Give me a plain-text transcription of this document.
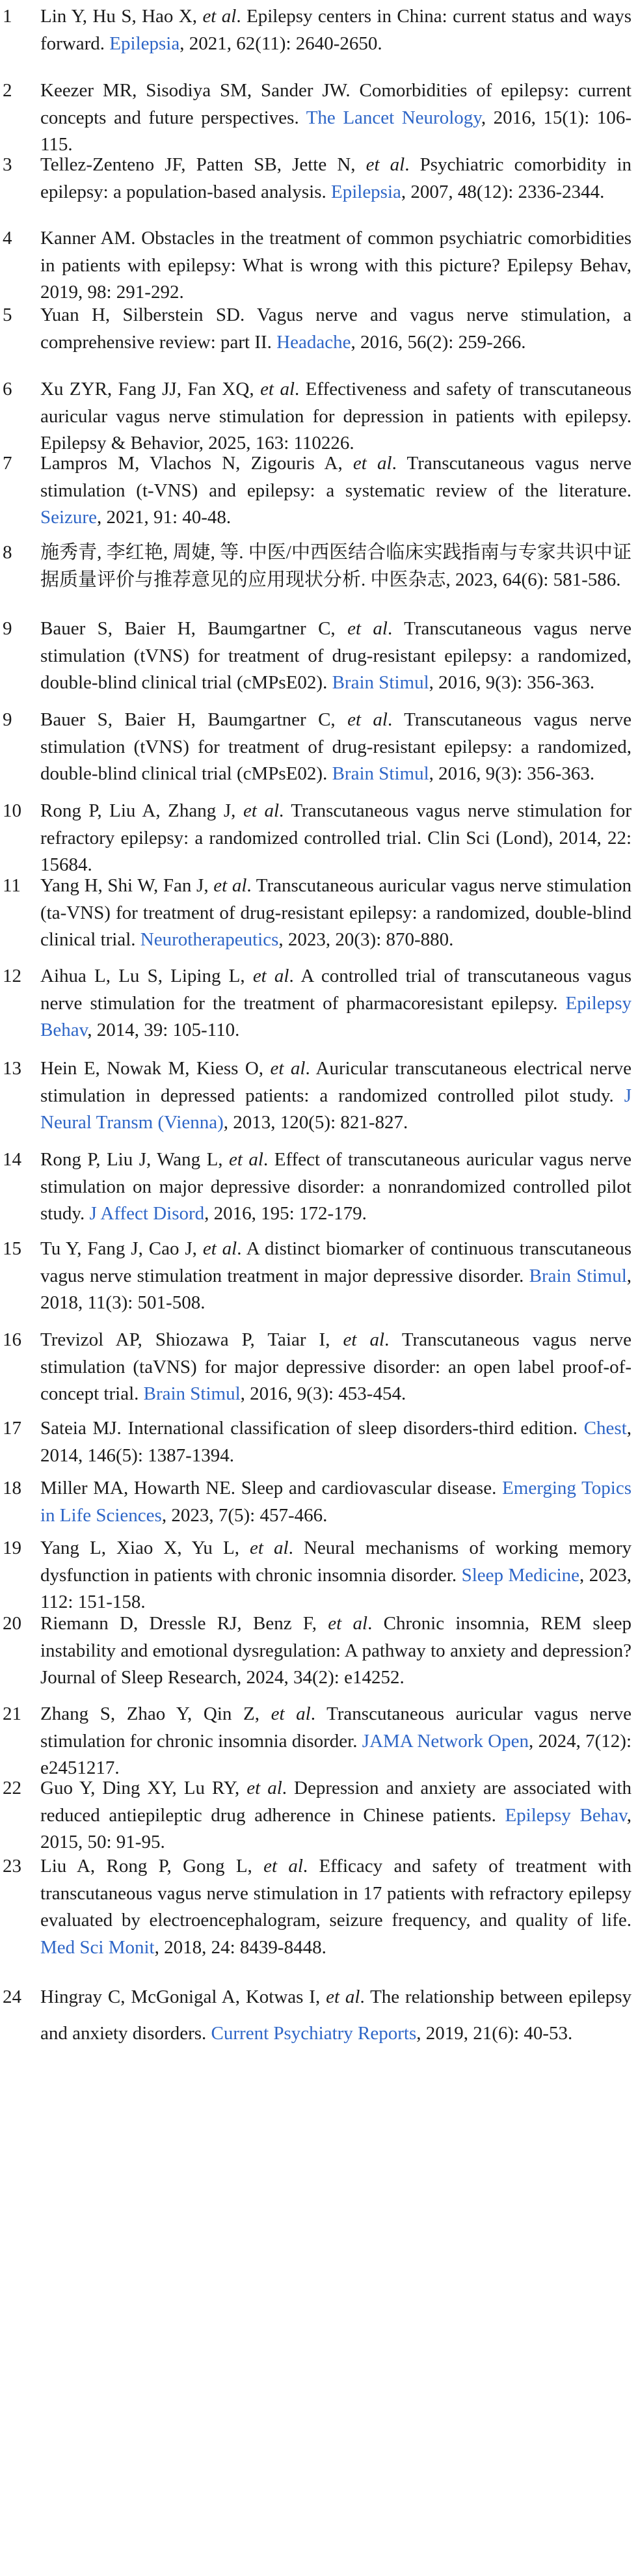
1	Lin Y, Hu S, Hao X, et al. Epilepsy centers in China: current status and ways forward. Epilepsia, 2021, 62(11): 2640-2650.
2	Keezer MR, Sisodiya SM, Sander JW. Comorbidities of epilepsy: current concepts and future perspectives. The Lancet Neurology, 2016, 15(1): 106-115.
3	Tellez-Zenteno JF, Patten SB, Jette N, et al. Psychiatric comorbidity in epilepsy: a population-based analysis. Epilepsia, 2007, 48(12): 2336-2344.
4	Kanner AM. Obstacles in the treatment of common psychiatric comorbidities in patients with epilepsy: What is wrong with this picture? Epilepsy Behav, 2019, 98: 291-292.
5	Yuan H, Silberstein SD. Vagus nerve and vagus nerve stimulation, a comprehensive review: part II. Headache, 2016, 56(2): 259-266.
6	Xu ZYR, Fang JJ, Fan XQ, et al. Effectiveness and safety of transcutaneous auricular vagus nerve stimulation for depression in patients with epilepsy. Epilepsy & Behavior, 2025, 163: 110226.
7	Lampros M, Vlachos N, Zigouris A, et al. Transcutaneous vagus nerve stimulation (t-VNS) and epilepsy: a systematic review of the literature. Seizure, 2021, 91: 40-48.
8	施秀青, 李红艳, 周婕, 等. 中医/中西医结合临床实践指南与专家共识中证据质量评价与推荐意见的应用现状分析. 中医杂志, 2023, 64(6): 581-586.
9	Bauer S, Baier H, Baumgartner C, et al. Transcutaneous vagus nerve stimulation (tVNS) for treatment of drug-resistant epilepsy: a randomized, double-blind clinical trial (cMPsE02). Brain Stimul, 2016, 9(3): 356-363.
9	Bauer S, Baier H, Baumgartner C, et al. Transcutaneous vagus nerve stimulation (tVNS) for treatment of drug-resistant epilepsy: a randomized, double-blind clinical trial (cMPsE02). Brain Stimul, 2016, 9(3): 356-363.
10	Rong P, Liu A, Zhang J, et al. Transcutaneous vagus nerve stimulation for refractory epilepsy: a randomized controlled trial. Clin Sci (Lond), 2014, 22: 15684.
11	Yang H, Shi W, Fan J, et al. Transcutaneous auricular vagus nerve stimulation (ta-VNS) for treatment of drug-resistant epilepsy: a randomized, double-blind clinical trial. Neurotherapeutics, 2023, 20(3): 870-880.
12	Aihua L, Lu S, Liping L, et al. A controlled trial of transcutaneous vagus nerve stimulation for the treatment of pharmacoresistant epilepsy. Epilepsy Behav, 2014, 39: 105-110.
13	Hein E, Nowak M, Kiess O, et al. Auricular transcutaneous electrical nerve stimulation in depressed patients: a randomized controlled pilot study. J Neural Transm (Vienna), 2013, 120(5): 821-827.
14	Rong P, Liu J, Wang L, et al. Effect of transcutaneous auricular vagus nerve stimulation on major depressive disorder: a nonrandomized controlled pilot study. J Affect Disord, 2016, 195: 172-179.
15	Tu Y, Fang J, Cao J, et al. A distinct biomarker of continuous transcutaneous vagus nerve stimulation treatment in major depressive disorder. Brain Stimul, 2018, 11(3): 501-508.
16	Trevizol AP, Shiozawa P, Taiar I, et al. Transcutaneous vagus nerve stimulation (taVNS) for major depressive disorder: an open label proof-of-concept trial. Brain Stimul, 2016, 9(3): 453-454.
17	Sateia MJ. International classification of sleep disorders-third edition. Chest, 2014, 146(5): 1387-1394.
18	Miller MA, Howarth NE. Sleep and cardiovascular disease. Emerging Topics in Life Sciences, 2023, 7(5): 457-466.
19	Yang L, Xiao X, Yu L, et al. Neural mechanisms of working memory dysfunction in patients with chronic insomnia disorder. Sleep Medicine, 2023, 112: 151-158.
20	Riemann D, Dressle RJ, Benz F, et al. Chronic insomnia, REM sleep instability and emotional dysregulation: A pathway to anxiety and depression? Journal of Sleep Research, 2024, 34(2): e14252.
21	Zhang S, Zhao Y, Qin Z, et al. Transcutaneous auricular vagus nerve stimulation for chronic insomnia disorder. JAMA Network Open, 2024, 7(12): e2451217.
22	Guo Y, Ding XY, Lu RY, et al. Depression and anxiety are associated with reduced antiepileptic drug adherence in Chinese patients. Epilepsy Behav, 2015, 50: 91-95.
23	Liu A, Rong P, Gong L, et al. Efficacy and safety of treatment with transcutaneous vagus nerve stimulation in 17 patients with refractory epilepsy evaluated by electroencephalogram, seizure frequency, and quality of life. Med Sci Monit, 2018, 24: 8439-8448.
24	Hingray C, McGonigal A, Kotwas I, et al. The relationship between epilepsy and anxiety disorders. Current Psychiatry Reports, 2019, 21(6): 40-53.
